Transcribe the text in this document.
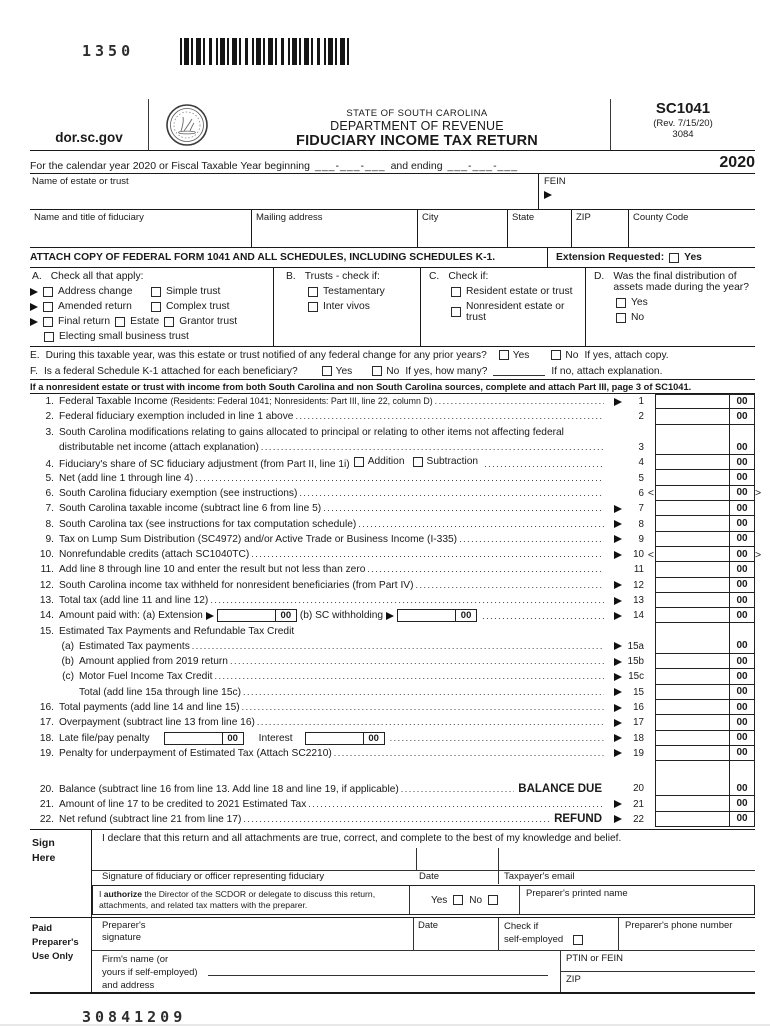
1350
dor.sc.gov
STATE OF SOUTH CAROLINA
DEPARTMENT OF REVENUE
FIDUCIARY INCOME TAX RETURN
SC1041
(Rev. 7/15/20)
3084
For the calendar year 2020 or Fiscal Taxable Year beginning ___-___-___ and ending ___-___-___	2020
Name of estate or trust	FEIN
Name and title of fiduciary	Mailing address	City	State	ZIP	County Code
ATTACH COPY OF FEDERAL FORM 1041 AND ALL SCHEDULES, INCLUDING SCHEDULES K-1.	Extension Requested: Yes
A. Check all that apply:
Address change	Simple trust
Amended return	Complex trust
Final return Estate Grantor trust
Electing small business trust
B. Trusts - check if:
Testamentary
Inter vivos
C. Check if:
Resident estate or trust
Nonresident estate or trust
D. Was the final distribution of assets made during the year?
Yes
No
E. During this taxable year, was this estate or trust notified of any federal change for any prior years?	Yes	No If yes, attach copy.
F. Is a federal Schedule K-1 attached for each beneficiary?	Yes	No If yes, how many?	If no, attach explanation.
If a nonresident estate or trust with income from both South Carolina and non South Carolina sources, complete and attach Part III, page 3 of SC1041.
1. Federal Taxable Income (Residents: Federal 1041; Nonresidents: Part III, line 22, column D) .....	1	00
2. Federal fiduciary exemption included in line 1 above .....	2	00
3. South Carolina modifications relating to gains allocated to principal or relating to other items not affecting federal
distributable net income (attach explanation) .....	3	00
4. Fiduciary's share of SC fiduciary adjustment (from Part II, line 1i) Addition Subtraction .....	4	00
5. Net (add line 1 through line 4) .....	5	00
6. South Carolina fiduciary exemption (see instructions) .....	6 <	00 >
7. South Carolina taxable income (subtract line 6 from line 5) .....	7	00
8. South Carolina tax (see instructions for tax computation schedule) .....	8	00
9. Tax on Lump Sum Distribution (SC4972) and/or Active Trade or Business Income (I-335) .....	9	00
10. Nonrefundable credits (attach SC1040TC) .....	10 <	00 >
11. Add line 8 through line 10 and enter the result but not less than zero .....	11	00
12. South Carolina income tax withheld for nonresident beneficiaries (from Part IV) .....	12	00
13. Total tax (add line 11 and line 12) .....	13	00
14. Amount paid with: (a) Extension	00 (b) SC withholding	00 .....	14	00
15. Estimated Tax Payments and Refundable Tax Credit
(a) Estimated Tax payments .....	15a	00
(b) Amount applied from 2019 return .....	15b	00
(c) Motor Fuel Income Tax Credit .....	15c	00
Total (add line 15a through line 15c) .....	15	00
16. Total payments (add line 14 and line 15) .....	16	00
17. Overpayment (subtract line 13 from line 16) .....	17	00
18. Late file/pay penalty	00	Interest	00 .....	18	00
19. Penalty for underpayment of Estimated Tax (Attach SC2210) .....	19	00
20. Balance (subtract line 16 from line 13. Add line 18 and line 19, if applicable) .....	BALANCE DUE	20	00
21. Amount of line 17 to be credited to 2021 Estimated Tax .....	21	00
22. Net refund (subtract line 21 from line 17) .....	REFUND	22	00
Sign
Here
I declare that this return and all attachments are true, correct, and complete to the best of my knowledge and belief.
Signature of fiduciary or officer representing fiduciary	Date	Taxpayer's email
I authorize the Director of the SCDOR or delegate to discuss this return, attachments, and related tax matters with the preparer.	Yes No
Preparer's printed name
Paid
Preparer's
Use Only
Preparer's
signature
Date	Check if
self-employed
Preparer's phone number
Firm's name (or
yours if self-employed)
and address
PTIN or FEIN
ZIP
30841209
